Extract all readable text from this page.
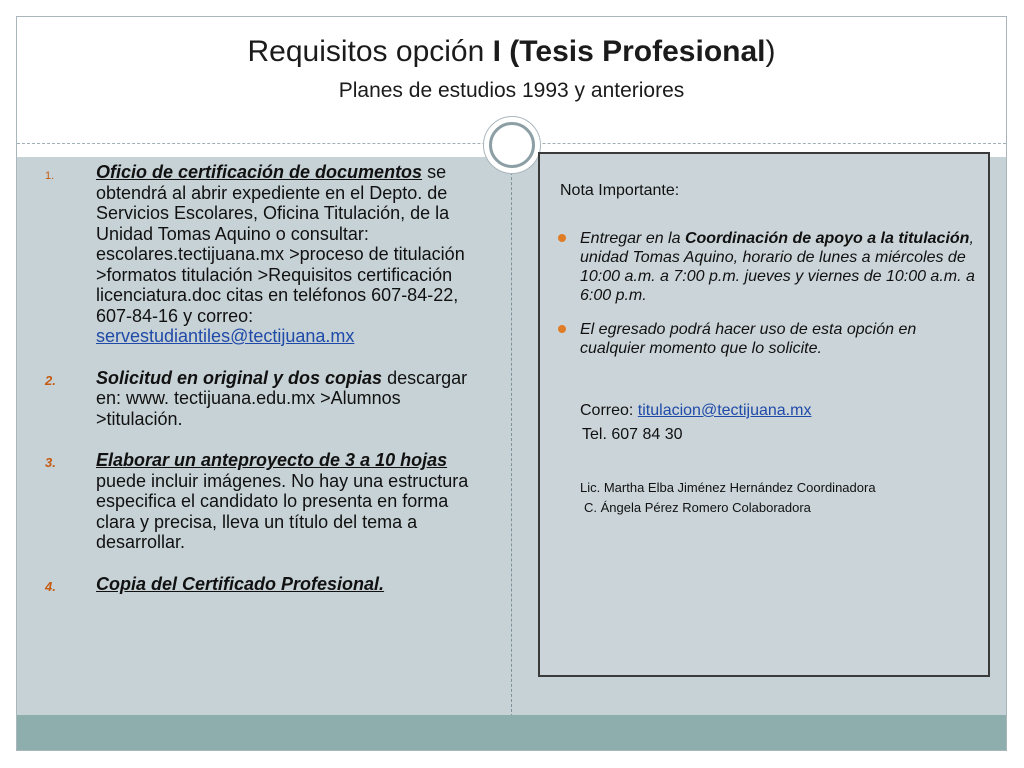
Requisitos opción I (Tesis Profesional)
Planes de estudios 1993 y anteriores
1. Oficio de certificación de documentos se obtendrá al abrir expediente en el Depto. de Servicios Escolares, Oficina Titulación, de la Unidad Tomas Aquino o consultar: escolares.tectijuana.mx >proceso de titulación >formatos titulación >Requisitos certificación licenciatura.doc citas en teléfonos 607-84-22, 607-84-16 y correo: servestudiantiles@tectijuana.mx
2. Solicitud en original y dos copias descargar en: www. tectijuana.edu.mx >Alumnos >titulación.
3. Elaborar un anteproyecto de 3 a 10 hojas puede incluir imágenes. No hay una estructura especifica el candidato lo presenta en forma clara y precisa, lleva un título del tema a desarrollar.
4. Copia del Certificado Profesional.
Nota Importante:
Entregar en la Coordinación de apoyo a la titulación, unidad Tomas Aquino, horario de lunes a miércoles de 10:00 a.m. a 7:00 p.m. jueves y viernes de 10:00 a.m. a 6:00 p.m.
El egresado podrá hacer uso de esta opción en cualquier momento que lo solicite.
Correo: titulacion@tectijuana.mx
Tel. 607 84 30
Lic. Martha Elba Jiménez Hernández Coordinadora
C. Ángela Pérez Romero Colaboradora
